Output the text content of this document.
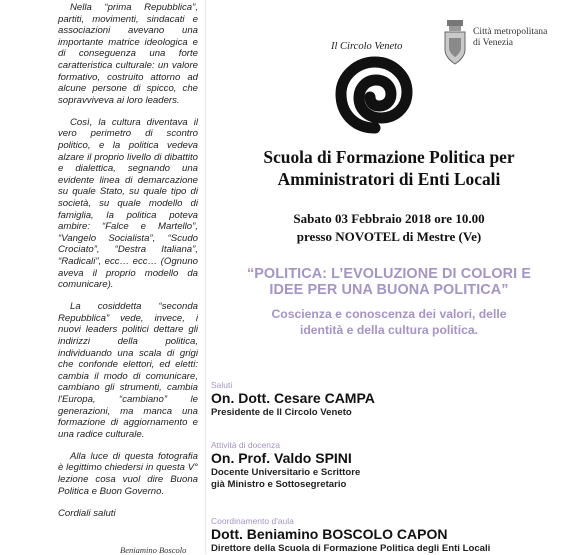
Nella “prima Repubblica”, partiti, movimenti, sindacati e associazioni avevano una importante matrice ideologica e di conseguenza una forte caratteristica culturale: un valore formativo, costruito attorno ad alcune persone di spicco, che sopravviveva ai loro leaders.

Così, la cultura diventava il vero perimetro di scontro politico, e la politica vedeva alzare il proprio livello di dibattito e dialettica, segnando una evidente linea di demarcazione su quale Stato, su quale tipo di società, su quale modello di famiglia, la politica poteva ambire: “Falce e Martello”, “Vangelo Socialista”, “Scudo Crociato”, “Destra Italiana”, “Radicali”, ecc… ecc… (Ognuno aveva il proprio modello da comunicare).

La cosiddetta “seconda Repubblica” vede, invece, i nuovi leaders politici dettare gli indirizzi della politica, individuando una scala di grigi che confonde elettori, ed eletti: cambia il modo di comunicare, cambiano gli strumenti, cambia l'Europa, “cambiano” le generazioni, ma manca una formazione di aggiornamento e una radice culturale.

Alla luce di questa fotografia è legittimo chiedersi in questa V° lezione cosa vuol dire Buona Politica e Buon Governo.

Cordiali saluti

Beniamino Boscolo
Il Circolo Veneto
Città metropolitana
di Venezia
Scuola di Formazione Politica per
Amministratori di Enti Locali
Sabato 03 Febbraio 2018 ore 10.00
presso NOVOTEL di Mestre (Ve)
“POLITICA: L’EVOLUZIONE DI COLORI E
IDEE PER UNA BUONA POLITICA”
Coscienza e conoscenza dei valori, delle
identità e della cultura politica.
Saluti
On. Dott. Cesare CAMPA
Presidente de Il Circolo Veneto
Attività di docenza
On. Prof. Valdo SPINI
Docente Universitario e Scrittore
già Ministro e Sottosegretario
Coordinamento d'aula
Dott. Beniamino BOSCOLO CAPON
Direttore della Scuola di Formazione Politica degli Enti Locali
